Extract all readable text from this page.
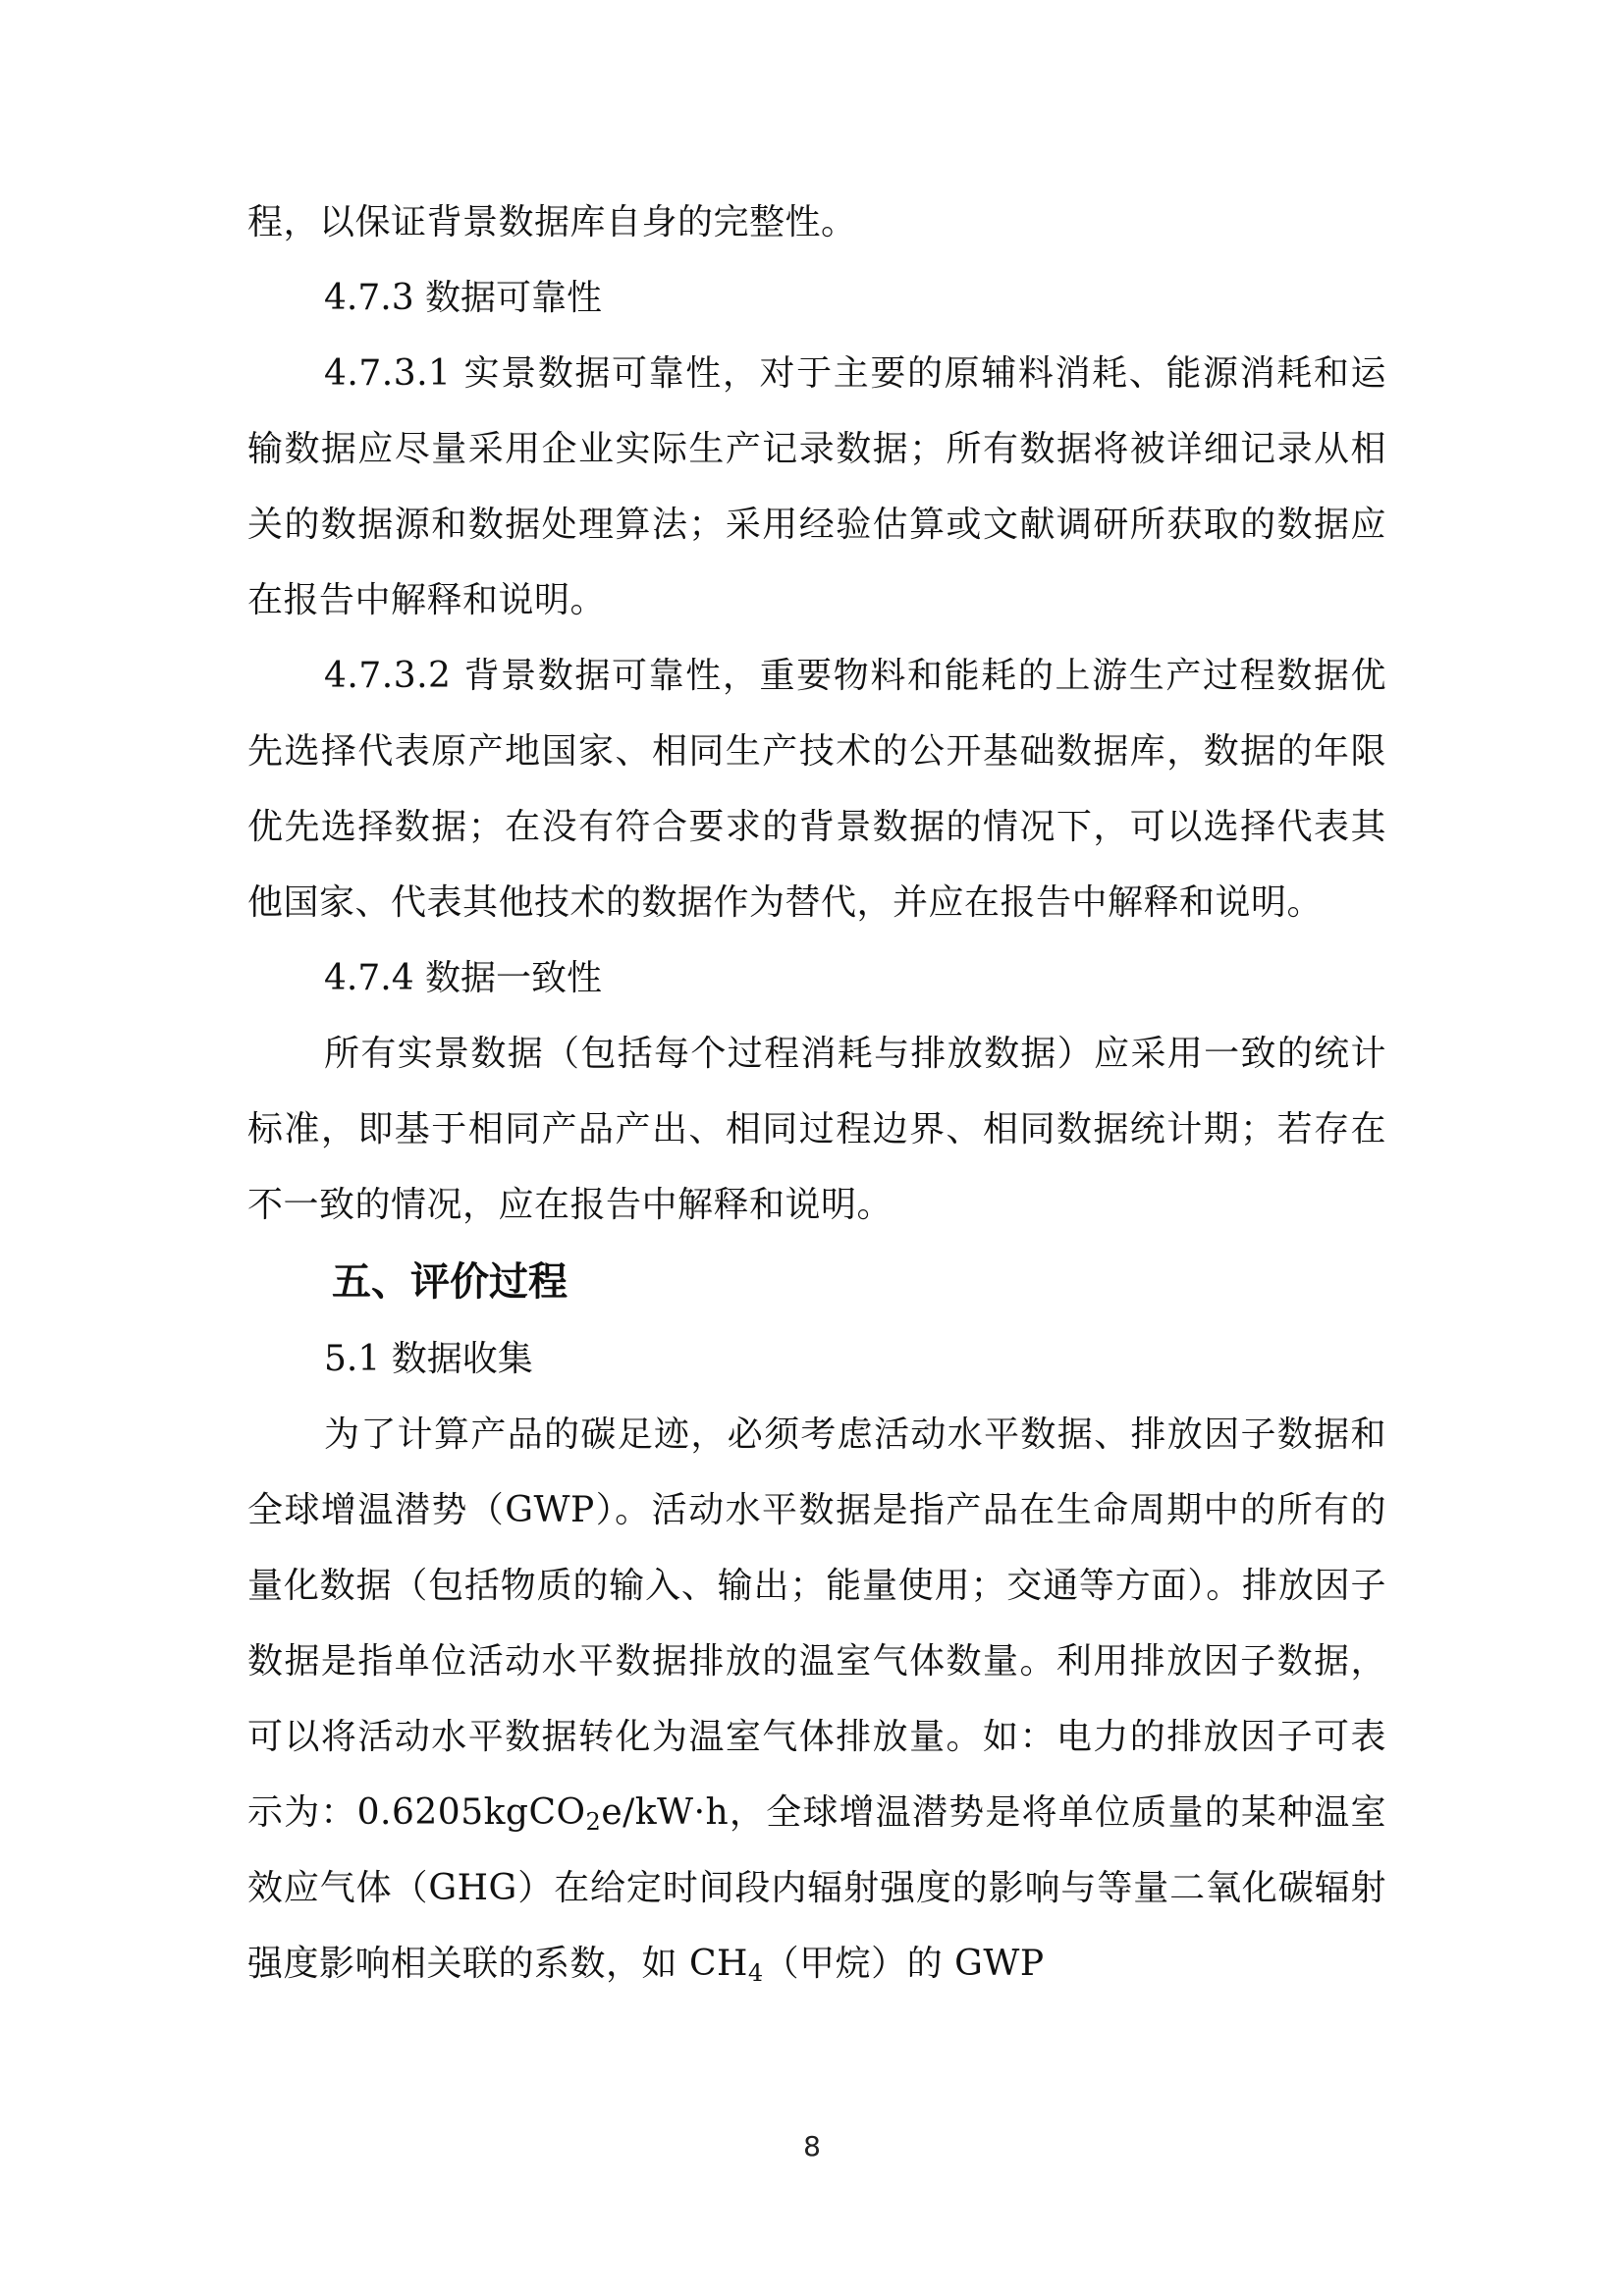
程，以保证背景数据库自身的完整性。

4.7.3 数据可靠性

4.7.3.1 实景数据可靠性，对于主要的原辅料消耗、能源消耗和运输数据应尽量采用企业实际生产记录数据；所有数据将被详细记录从相关的数据源和数据处理算法；采用经验估算或文献调研所获取的数据应在报告中解释和说明。

4.7.3.2 背景数据可靠性，重要物料和能耗的上游生产过程数据优先选择代表原产地国家、相同生产技术的公开基础数据库，数据的年限优先选择数据；在没有符合要求的背景数据的情况下，可以选择代表其他国家、代表其他技术的数据作为替代，并应在报告中解释和说明。

4.7.4 数据一致性

所有实景数据（包括每个过程消耗与排放数据）应采用一致的统计标准，即基于相同产品产出、相同过程边界、相同数据统计期；若存在不一致的情况，应在报告中解释和说明。

五、评价过程

5.1 数据收集

为了计算产品的碳足迹，必须考虑活动水平数据、排放因子数据和全球增温潜势（GWP）。活动水平数据是指产品在生命周期中的所有的量化数据（包括物质的输入、输出；能量使用；交通等方面）。排放因子数据是指单位活动水平数据排放的温室气体数量。利用排放因子数据，可以将活动水平数据转化为温室气体排放量。如：电力的排放因子可表示为：0.6205kgCO$_2$e/kW·h，全球增温潜势是将单位质量的某种温室效应气体（GHG）在给定时间段内辐射强度的影响与等量二氧化碳辐射强度影响相关联的系数，如 $CH_4$（甲烷）的 GWP

8
